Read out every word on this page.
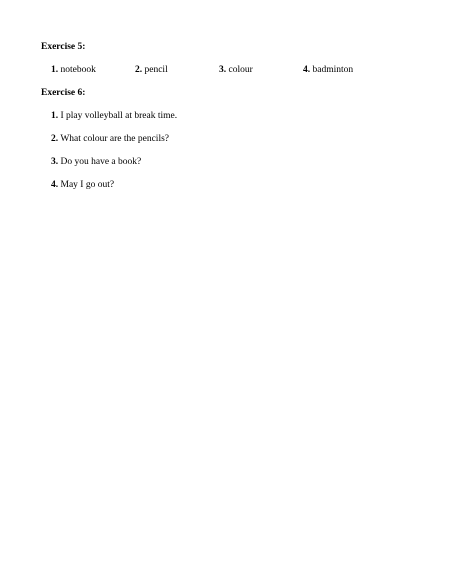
Exercise 5:
1. notebook	2. pencil	3. colour	4. badminton
Exercise 6:
1. I play volleyball at break time.
2. What colour are the pencils?
3. Do you have a book?
4. May I go out?
